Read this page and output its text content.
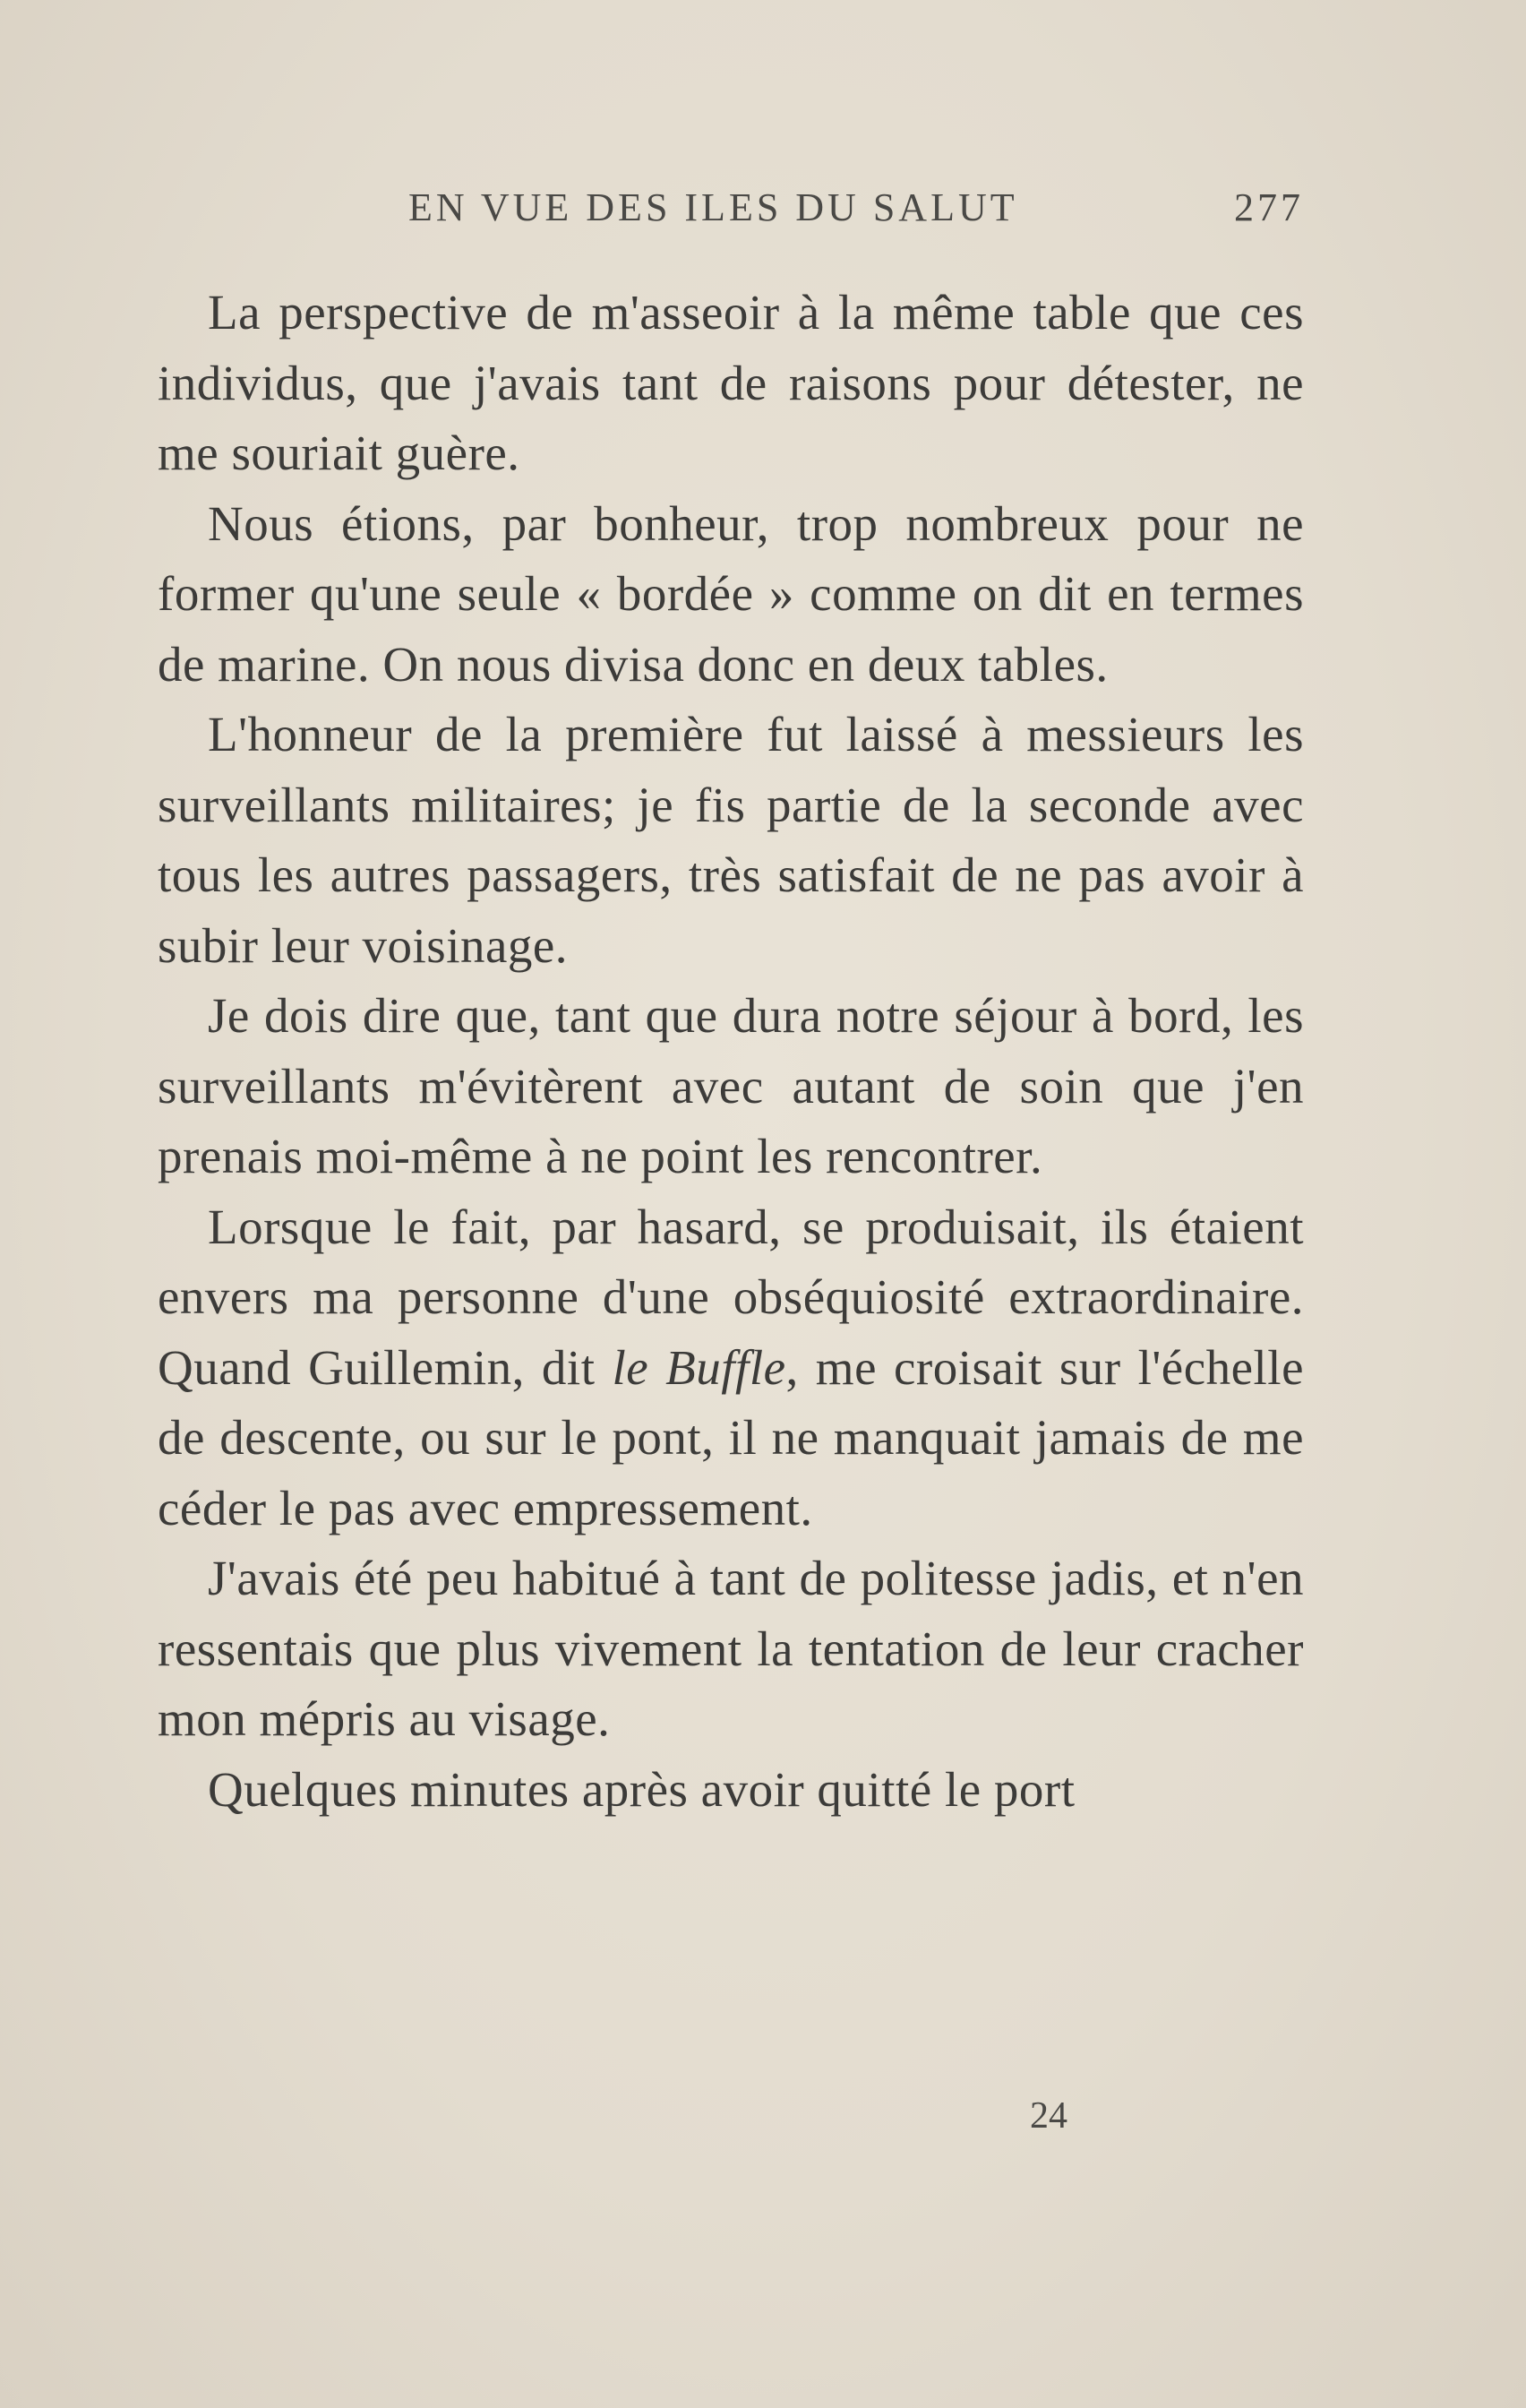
EN VUE DES ILES DU SALUT	277

La perspective de m'asseoir à la même table que ces individus, que j'avais tant de raisons pour détester, ne me souriait guère.

Nous étions, par bonheur, trop nombreux pour ne former qu'une seule « bordée » comme on dit en termes de marine. On nous divisa donc en deux tables.

L'honneur de la première fut laissé à messieurs les surveillants militaires; je fis partie de la seconde avec tous les autres passagers, très satisfait de ne pas avoir à subir leur voisinage.

Je dois dire que, tant que dura notre séjour à bord, les surveillants m'évitèrent avec autant de soin que j'en prenais moi-même à ne point les rencontrer.

Lorsque le fait, par hasard, se produisait, ils étaient envers ma personne d'une obséquiosité extraordinaire. Quand Guillemin, dit le Buffle, me croisait sur l'échelle de descente, ou sur le pont, il ne manquait jamais de me céder le pas avec empressement.

J'avais été peu habitué à tant de politesse jadis, et n'en ressentais que plus vivement la tentation de leur cracher mon mépris au visage.

Quelques minutes après avoir quitté le port

24
